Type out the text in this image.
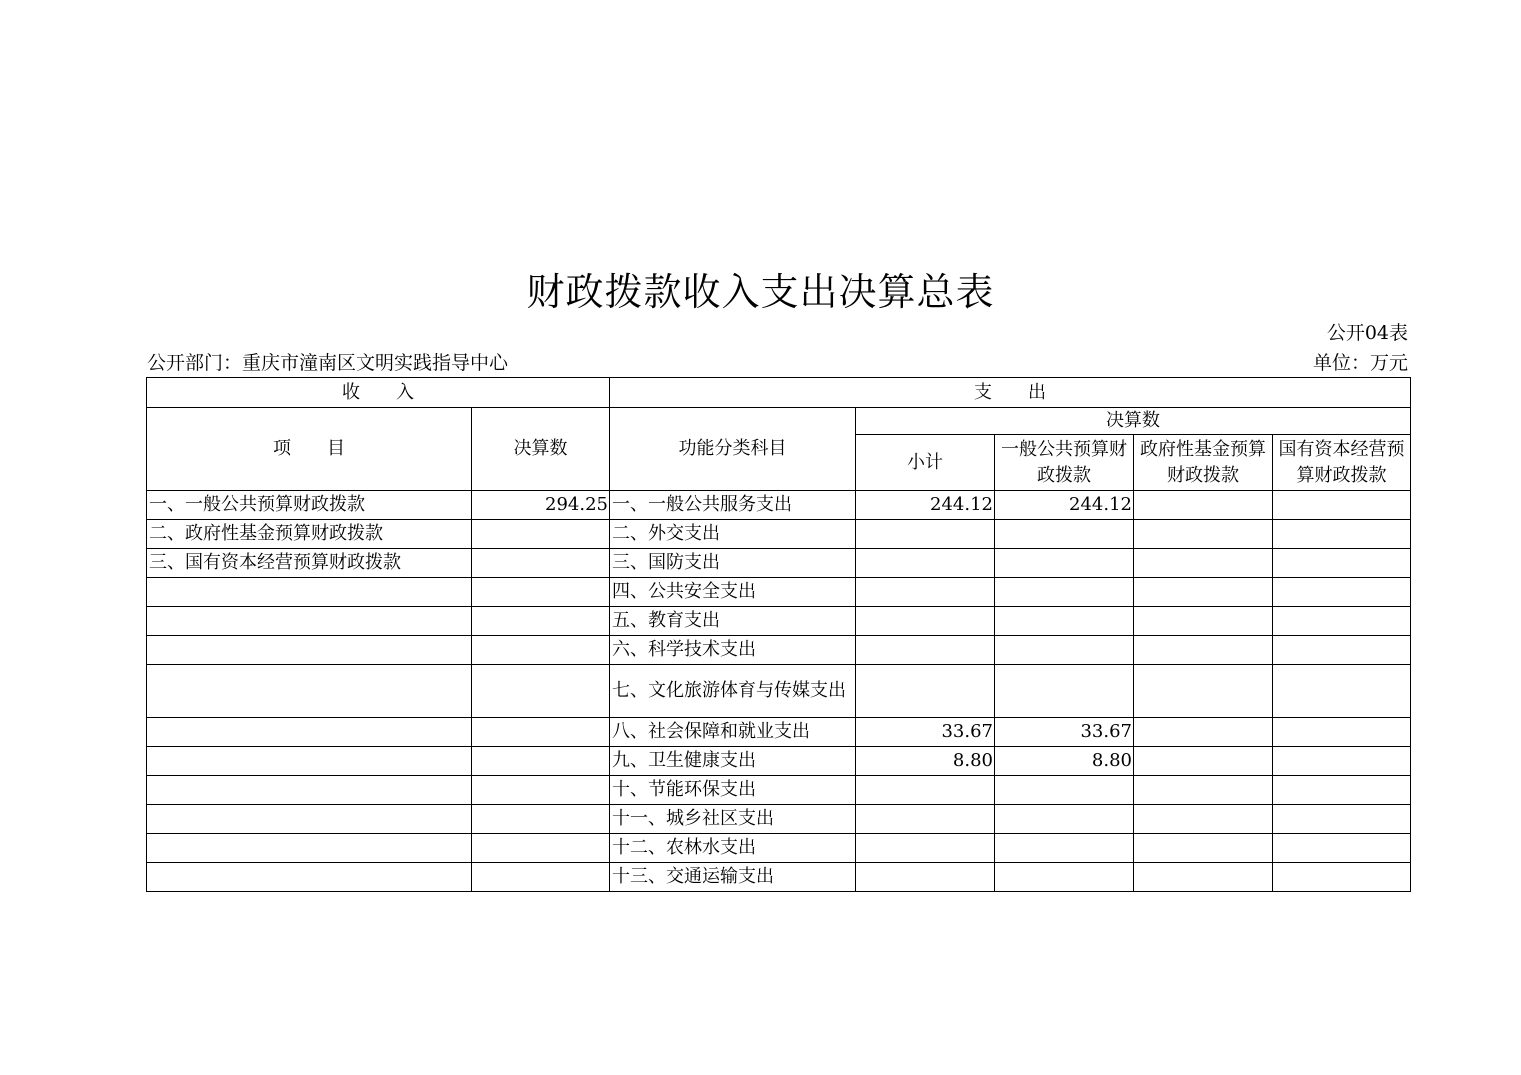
财政拨款收入支出决算总表
公开04表
公开部门：重庆市潼南区文明实践指导中心	单位：万元
收　　入		支　　出				
项　　目	决算数	功能分类科目	决算数			
			小计	一般公共预算财政拨款	政府性基金预算财政拨款	国有资本经营预算财政拨款
一、一般公共预算财政拨款	294.25	一、一般公共服务支出	244.12	244.12		
二、政府性基金预算财政拨款		二、外交支出				
三、国有资本经营预算财政拨款		三、国防支出				
		四、公共安全支出				
		五、教育支出				
		六、科学技术支出				
		七、文化旅游体育与传媒支出				
		八、社会保障和就业支出	33.67	33.67		
		九、卫生健康支出	8.80	8.80		
		十、节能环保支出				
		十一、城乡社区支出				
		十二、农林水支出				
		十三、交通运输支出				
